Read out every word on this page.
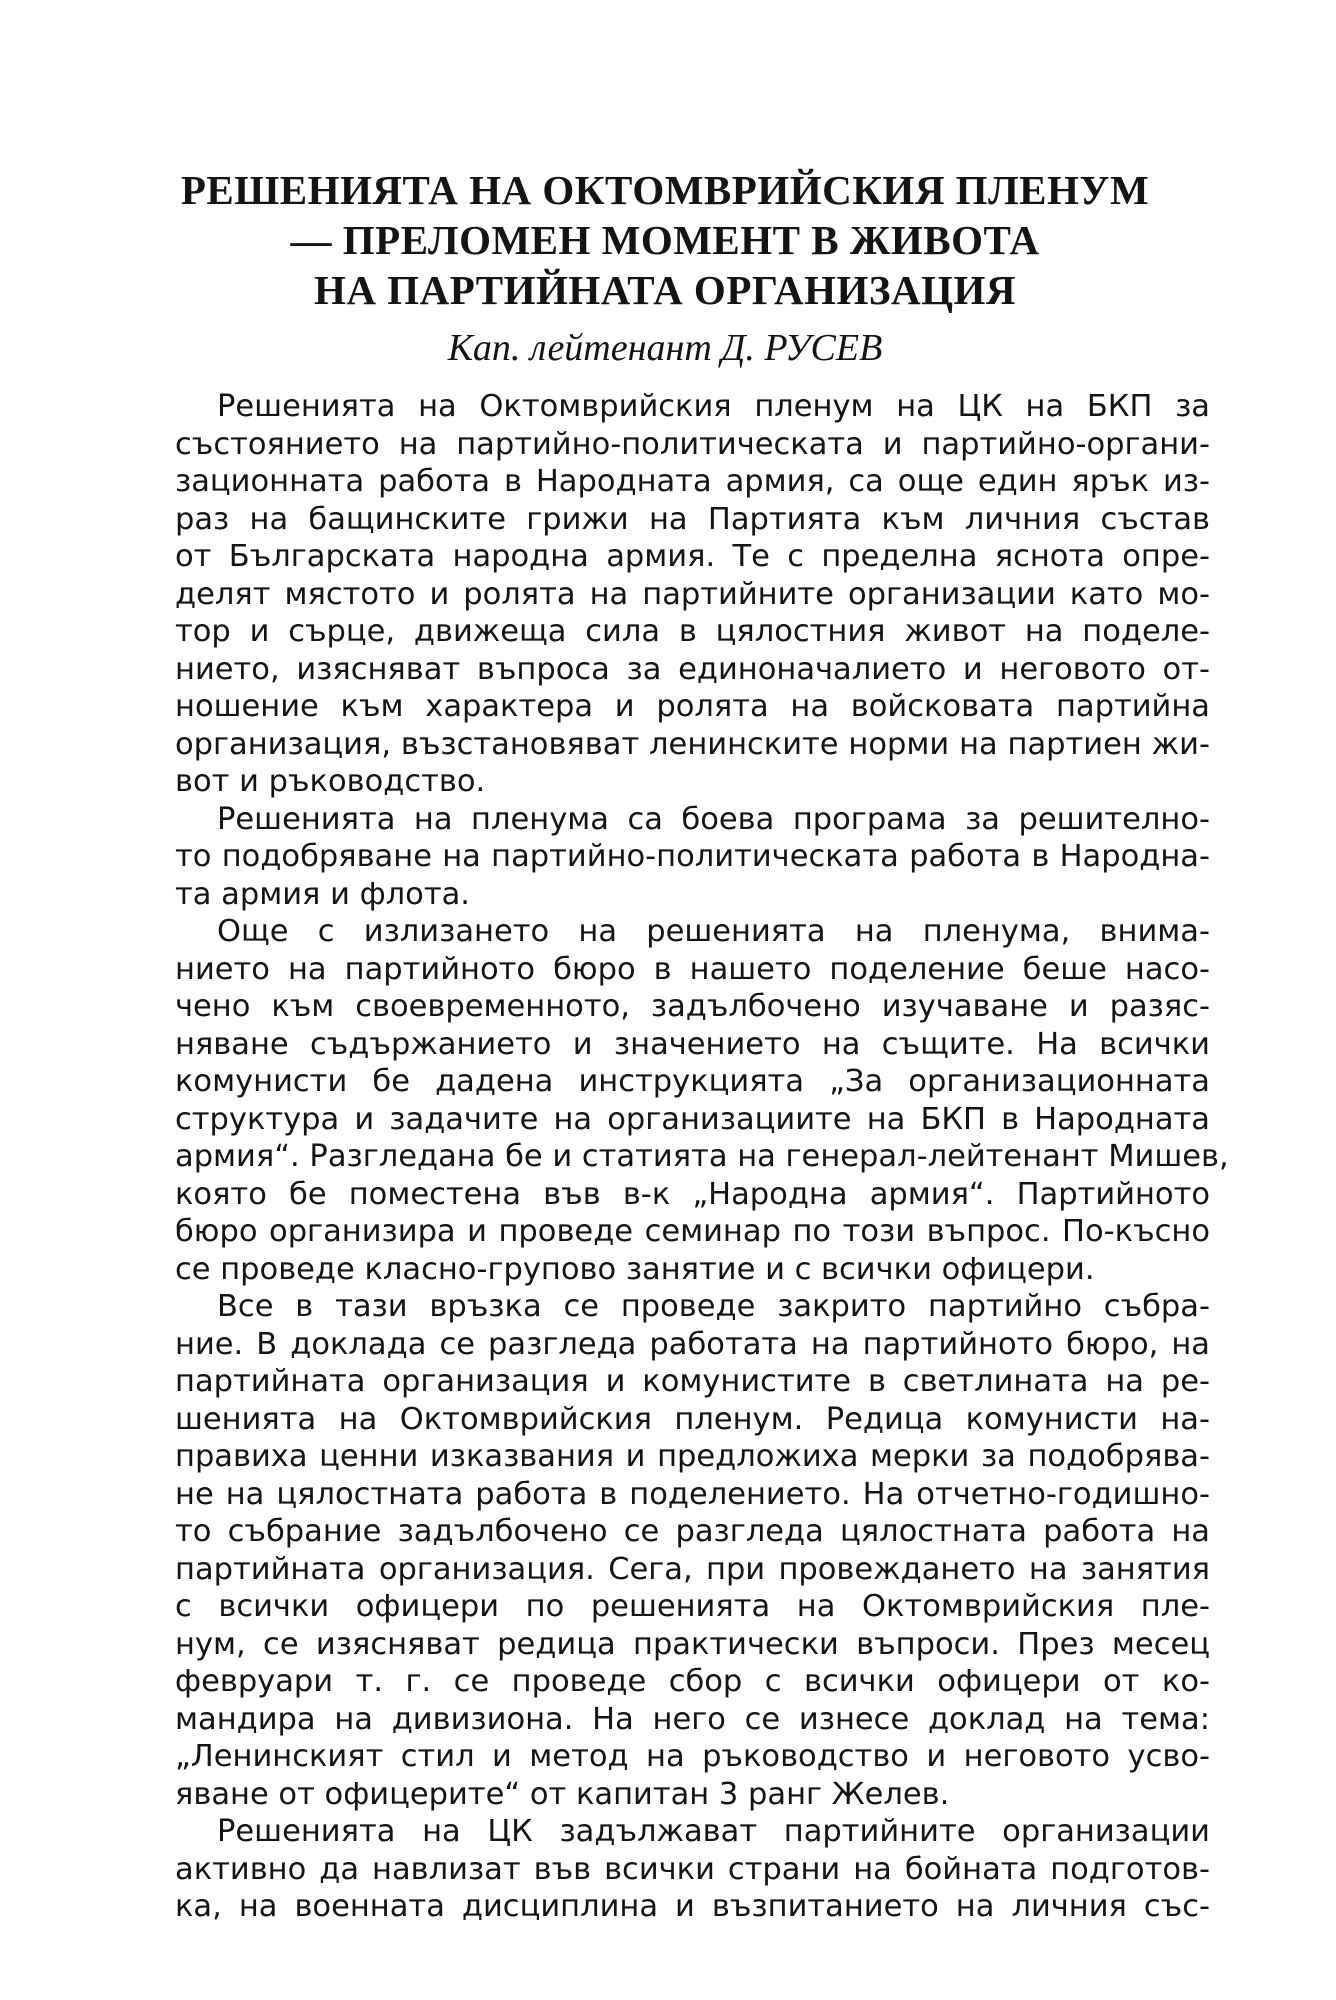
РЕШЕНИЯТА НА ОКТОМВРИЙСКИЯ ПЛЕНУМ
— ПРЕЛОМЕН МОМЕНТ В ЖИВОТА
НА ПАРТИЙНАТА ОРГАНИЗАЦИЯ
Кап. лейтенант Д. РУСЕВ
Решенията на Октомврийския пленум на ЦК на БКП за
състоянието на партийно-политическата и партийно-органи-
зационната работа в Народната армия, са още един ярък из-
раз на бащинските грижи на Партията към личния състав
от Българската народна армия. Те с пределна яснота опре-
делят мястото и ролята на партийните организации като мо-
тор и сърце, движеща сила в цялостния живот на поделе-
нието, изясняват въпроса за единоначалието и неговото от-
ношение към характера и ролята на войсковата партийна
организация, възстановяват ленинските норми на партиен жи-
вот и ръководство.
Решенията на пленума са боева програма за решително-
то подобряване на партийно-политическата работа в Народна-
та армия и флота.
Още с излизането на решенията на пленума, внима-
нието на партийното бюро в нашето поделение беше насо-
чено към своевременното, задълбочено изучаване и разяс-
няване съдържанието и значението на същите. На всички
комунисти бе дадена инструкцията „За организационната
структура и задачите на организациите на БКП в Народната
армия“. Разгледана бе и статията на генерал-лейтенант Мишев,
която бе поместена във в-к „Народна армия“. Партийното
бюро организира и проведе семинар по този въпрос. По-късно
се проведе класно-групово занятие и с всички офицери.
Все в тази връзка се проведе закрито партийно събра-
ние. В доклада се разгледа работата на партийното бюро, на
партийната организация и комунистите в светлината на ре-
шенията на Октомврийския пленум. Редица комунисти на-
правиха ценни изказвания и предложиха мерки за подобрява-
не на цялостната работа в поделението. На отчетно-годишно-
то събрание задълбочено се разгледа цялостната работа на
партийната организация. Сега, при провеждането на занятия
с всички офицери по решенията на Октомврийския пле-
нум, се изясняват редица практически въпроси. През месец
февруари т. г. се проведе сбор с всички офицери от ко-
мандира на дивизиона. На него се изнесе доклад на тема:
„Ленинският стил и метод на ръководство и неговото усво-
яване от офицерите“ от капитан 3 ранг Желев.
Решенията на ЦК задължават партийните организации
активно да навлизат във всички страни на бойната подготов-
ка, на военната дисциплина и възпитанието на личния със-
